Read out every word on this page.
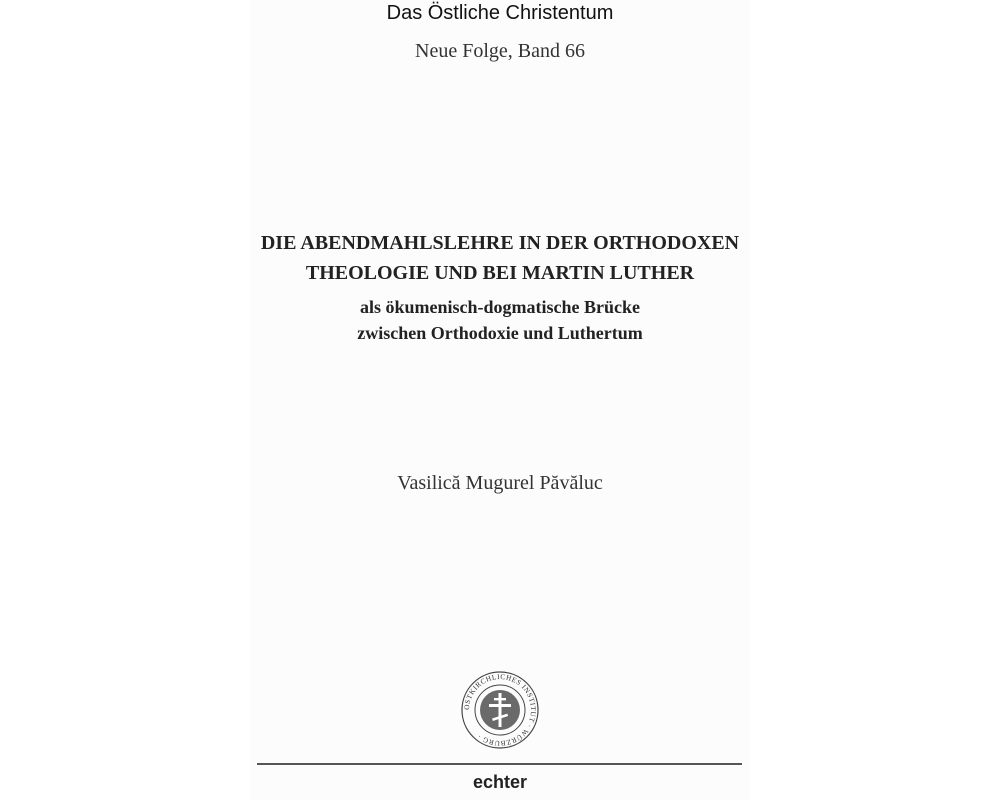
Das Östliche Christentum
Neue Folge, Band 66
DIE ABENDMAHLSLEHRE IN DER ORTHODOXEN
THEOLOGIE UND BEI MARTIN LUTHER
als ökumenisch-dogmatische Brücke
zwischen Orthodoxie und Luthertum
Vasilică Mugurel Păvăluc
OSTKIRCHLICHES INSTITUT · WÜRZBURG ·
echter
